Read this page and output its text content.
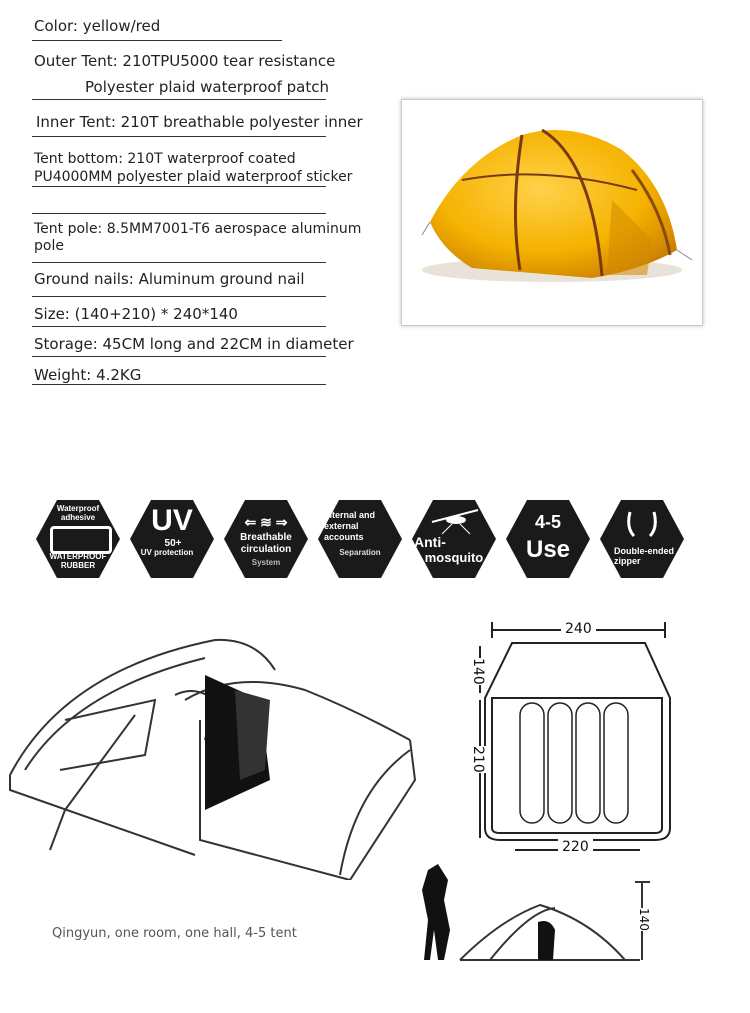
Color: yellow/red
Outer Tent: 210TPU5000 tear resistance
Polyester plaid waterproof patch
Inner Tent: 210T breathable polyester inner
Tent bottom: 210T waterproof coated
PU4000MM polyester plaid waterproof sticker
Tent pole: 8.5MM7001-T6 aerospace aluminum pole
Ground nails: Aluminum ground nail
Size: (140+210) * 240*140
Storage: 45CM long and 22CM in diameter
Weight: 4.2KG
Waterproof adhesive
WATERPROOF RUBBER
UV
50+
UV protection
⇐ ≋ ⇒
Breathable
circulation
System
Internal and
external
accounts
Separation
Anti-
mosquito
4-5
Use	Double-ended zipper
240
140
210
220
140
Qingyun, one room, one hall, 4-5 tent
